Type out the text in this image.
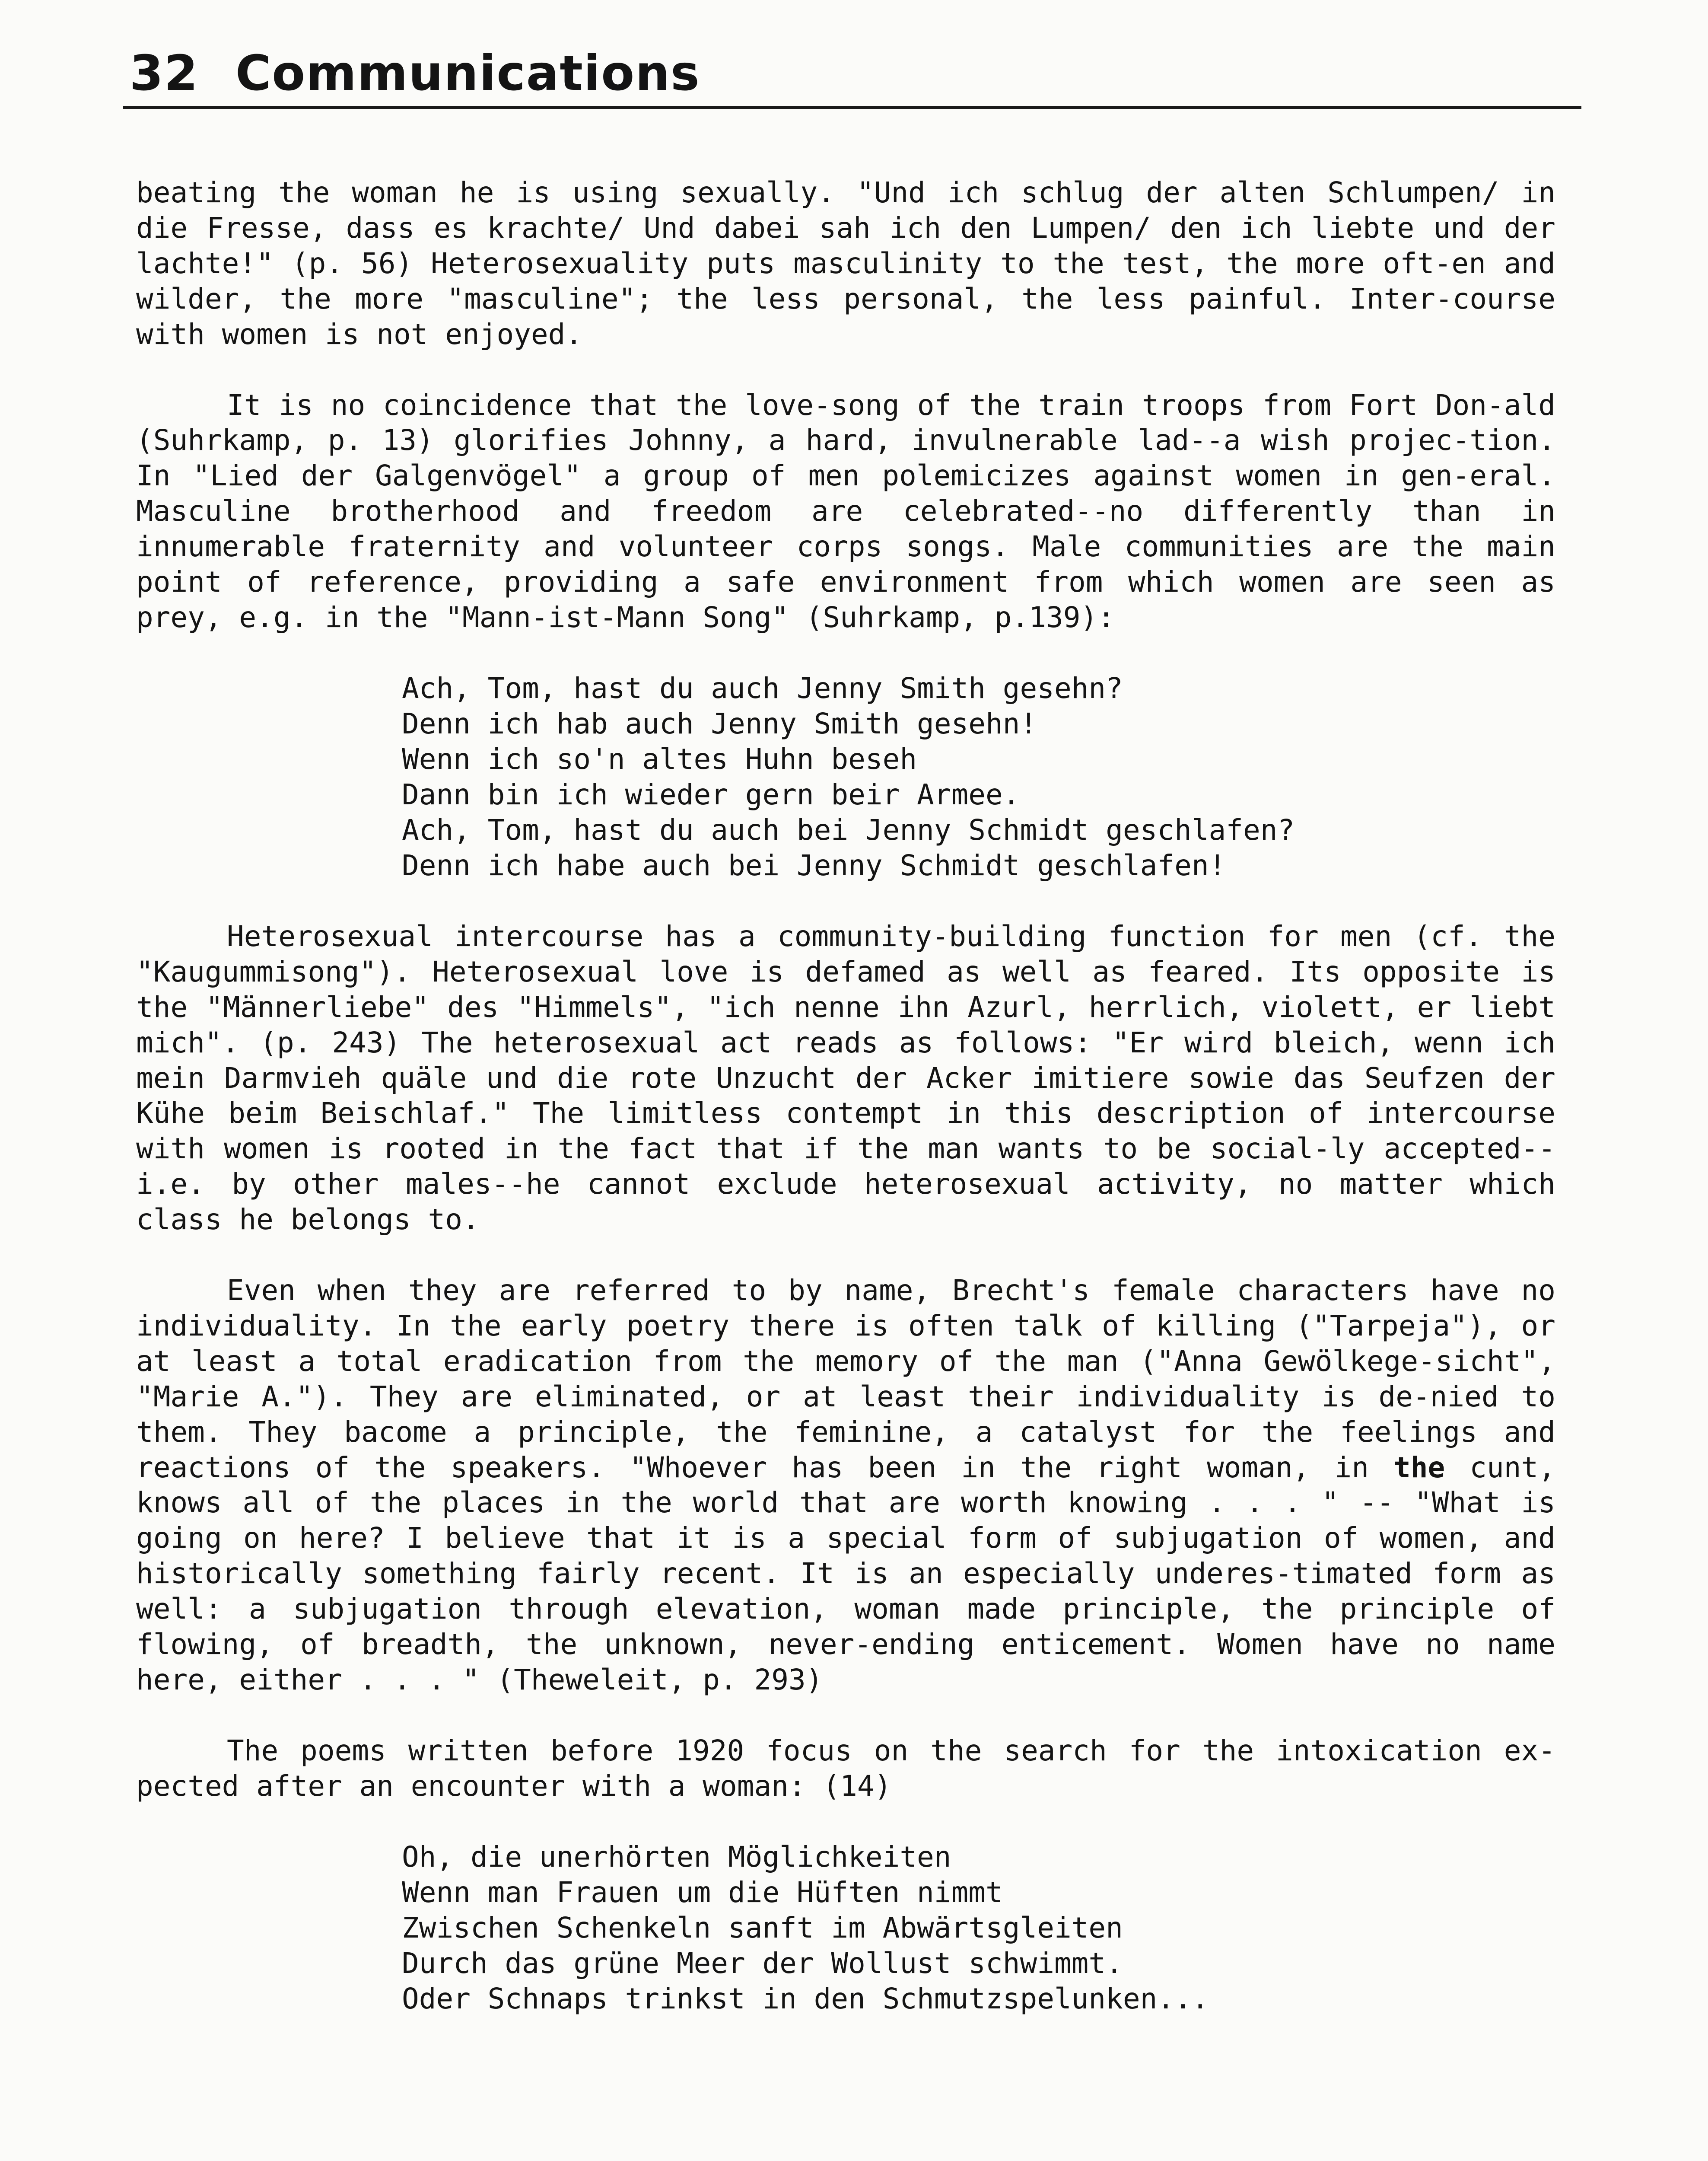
32 Communications

beating the woman he is using sexually. "Und ich schlug der alten Schlumpen/ in die Fresse, dass es krachte/ Und dabei sah ich den Lumpen/ den ich liebte und der lachte!" (p. 56) Heterosexuality puts masculinity to the test, the more oft-en and wilder, the more "masculine"; the less personal, the less painful. Inter-course with women is not enjoyed.

It is no coincidence that the love-song of the train troops from Fort Don-ald (Suhrkamp, p. 13) glorifies Johnny, a hard, invulnerable lad--a wish projec-tion. In "Lied der Galgenvögel" a group of men polemicizes against women in gen-eral. Masculine brotherhood and freedom are celebrated--no differently than in innumerable fraternity and volunteer corps songs. Male communities are the main point of reference, providing a safe environment from which women are seen as prey, e.g. in the "Mann-ist-Mann Song" (Suhrkamp, p.139):

Ach, Tom, hast du auch Jenny Smith gesehn?
Denn ich hab auch Jenny Smith gesehn!
Wenn ich so'n altes Huhn beseh
Dann bin ich wieder gern beir Armee.
Ach, Tom, hast du auch bei Jenny Schmidt geschlafen?
Denn ich habe auch bei Jenny Schmidt geschlafen!

Heterosexual intercourse has a community-building function for men (cf. the "Kaugummisong"). Heterosexual love is defamed as well as feared. Its opposite is the "Männerliebe" des "Himmels", "ich nenne ihn Azurl, herrlich, violett, er liebt mich". (p. 243) The heterosexual act reads as follows: "Er wird bleich, wenn ich mein Darmvieh quäle und die rote Unzucht der Acker imitiere sowie das Seufzen der Kühe beim Beischlaf." The limitless contempt in this description of intercourse with women is rooted in the fact that if the man wants to be social-ly accepted--i.e. by other males--he cannot exclude heterosexual activity, no matter which class he belongs to.

Even when they are referred to by name, Brecht's female characters have no individuality. In the early poetry there is often talk of killing ("Tarpeja"), or at least a total eradication from the memory of the man ("Anna Gewölkege-sicht", "Marie A."). They are eliminated, or at least their individuality is de-nied to them. They bacome a principle, the feminine, a catalyst for the feelings and reactions of the speakers. "Whoever has been in the right woman, in the cunt, knows all of the places in the world that are worth knowing . . . " -- "What is going on here? I believe that it is a special form of subjugation of women, and historically something fairly recent. It is an especially underes-timated form as well: a subjugation through elevation, woman made principle, the principle of flowing, of breadth, the unknown, never-ending enticement. Women have no name here, either . . . " (Theweleit, p. 293)

The poems written before 1920 focus on the search for the intoxication ex-pected after an encounter with a woman: (14)

Oh, die unerhörten Möglichkeiten
Wenn man Frauen um die Hüften nimmt
Zwischen Schenkeln sanft im Abwärtsgleiten
Durch das grüne Meer der Wollust schwimmt.
Oder Schnaps trinkst in den Schmutzspelunken...
